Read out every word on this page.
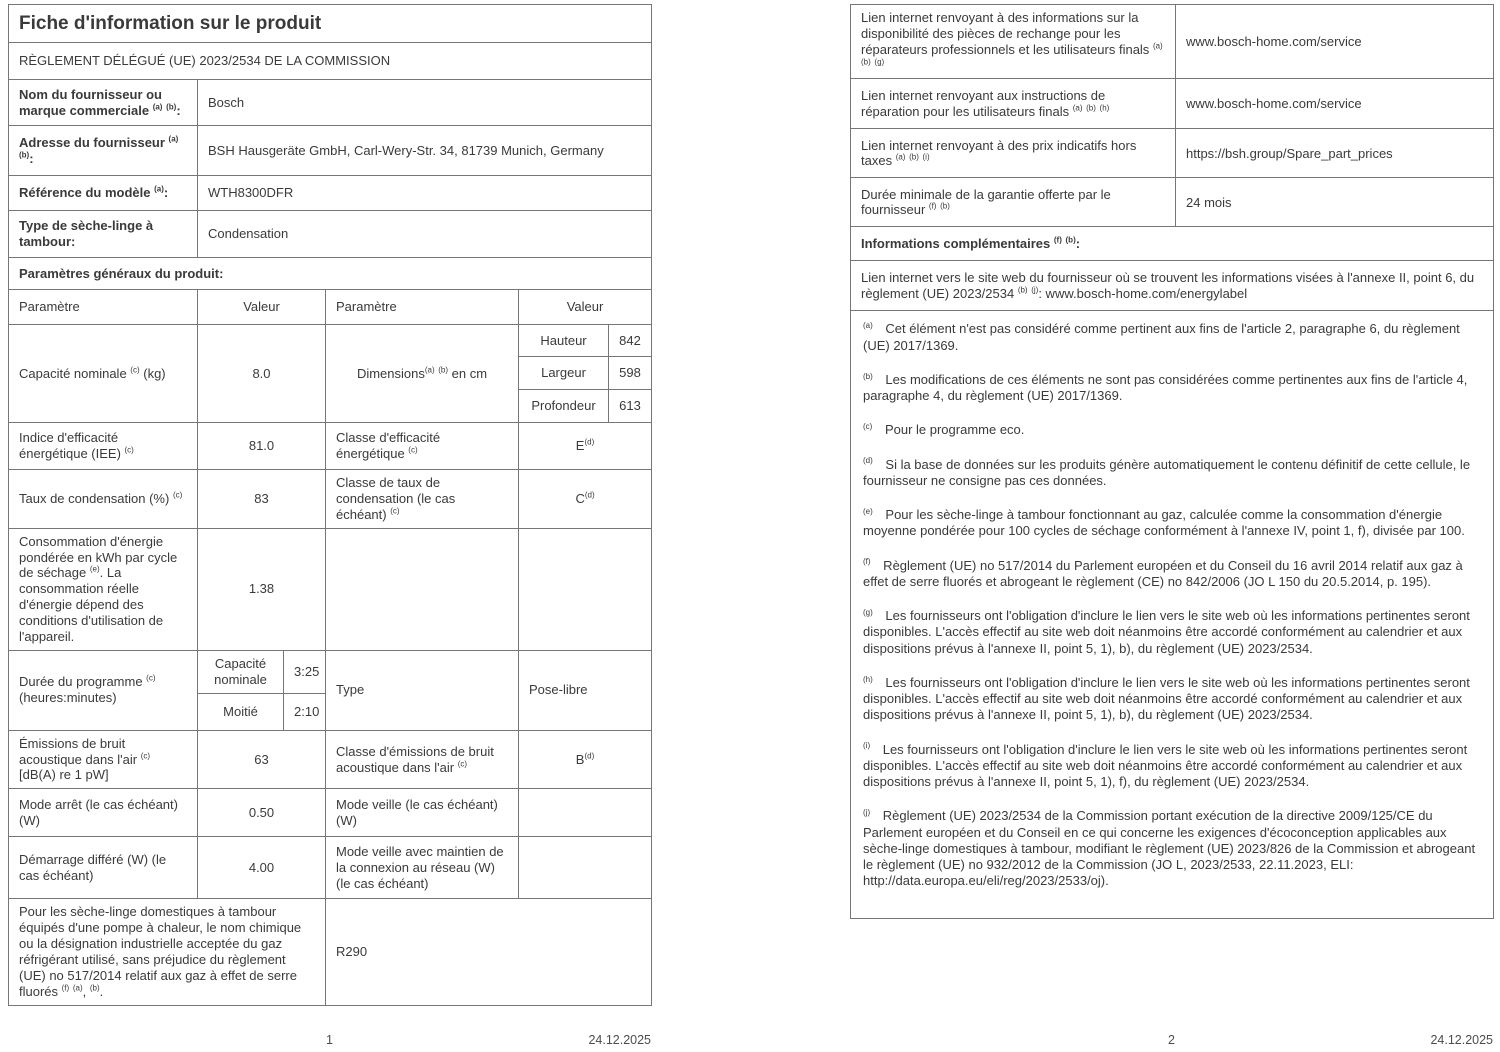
Fiche d'information sur le produit					
RÈGLEMENT DÉLÉGUÉ (UE) 2023/2534 DE LA COMMISSION					
Nom du fournisseur ou marque commerciale $^{(a)}$ $^{(b)}$:	Bosch				
Adresse du fournisseur $^{(a)}$ $^{(b)}$:	BSH Hausgeräte GmbH, Carl-Wery-Str. 34, 81739 Munich, Germany				
Référence du modèle $^{(a)}$:	WTH8300DFR				
Type de sèche-linge à tambour:	Condensation				
Paramètres généraux du produit:					
Paramètre	Valeur		Paramètre	Valeur	
Capacité nominale $^{(c)}$ (kg)	8.0		Dimensions$^{(a)}$ $^{(b)}$ en cm	Hauteur	842
				Largeur	598
				Profondeur	613
Indice d'efficacité énergétique (IEE) $^{(c)}$	81.0		Classe d'efficacité énergétique $^{(c)}$	$E^{(d)}$
Taux de condensation (%) $^{(c)}$	83		Classe de taux de condensation (le cas échéant) $^{(c)}$	$C^{(d)}$
Consommation d'énergie pondérée en kWh par cycle de séchage $^{(e)}$. La consommation réelle d'énergie dépend des conditions d'utilisation de l'appareil.	1.38				
Durée du programme $^{(c)}$ (heures:minutes)	Capacité nominale	3:25	Type	Pose-libre	
	Moitié	2:10			
Émissions de bruit acoustique dans l'air $^{(c)}$ [dB(A) re 1 pW]	63		Classe d'émissions de bruit acoustique dans l'air $^{(c)}$	$B^{(d)}$
Mode arrêt (le cas échéant) (W)	0.50		Mode veille (le cas échéant) (W)		
Démarrage différé (W) (le cas échéant)	4.00		Mode veille avec maintien de la connexion au réseau (W) (le cas échéant)		
Pour les sèche-linge domestiques à tambour équipés d'une pompe à chaleur, le nom chimique ou la désignation industrielle acceptée du gaz réfrigérant utilisé, sans préjudice du règlement (UE) no 517/2014 relatif aux gaz à effet de serre fluorés $^{(f)}$ $^{(a)}$, $^{(b)}$.			R290		
Lien internet renvoyant à des informations sur la disponibilité des pièces de rechange pour les réparateurs professionnels et les utilisateurs finals $^{(a)}$ $^{(b)}$ $^{(g)}$	www.bosch-home.com/service
Lien internet renvoyant aux instructions de réparation pour les utilisateurs finals $^{(a)}$ $^{(b)}$ $^{(h)}$	www.bosch-home.com/service
Lien internet renvoyant à des prix indicatifs hors taxes $^{(a)}$ $^{(b)}$ $^{(i)}$	https://bsh.group/Spare_part_prices
Durée minimale de la garantie offerte par le fournisseur $^{(f)}$ $^{(b)}$	24 mois
Informations complémentaires $^{(f)}$ $^{(b)}$:	
Lien internet vers le site web du fournisseur où se trouvent les informations visées à l'annexe II, point 6, du règlement (UE) 2023/2534 $^{(b)}$ $^{(j)}$: www.bosch-home.com/energylabel	

$^{(a)}$ Cet élément n'est pas considéré comme pertinent aux fins de l'article 2, paragraphe 6, du règlement (UE) 2017/1369.

$^{(b)}$ Les modifications de ces éléments ne sont pas considérées comme pertinentes aux fins de l'article 4, paragraphe 4, du règlement (UE) 2017/1369.

$^{(c)}$ Pour le programme eco.

$^{(d)}$ Si la base de données sur les produits génère automatiquement le contenu définitif de cette cellule, le fournisseur ne consigne pas ces données.

$^{(e)}$ Pour les sèche-linge à tambour fonctionnant au gaz, calculée comme la consommation d'énergie moyenne pondérée pour 100 cycles de séchage conformément à l'annexe IV, point 1, f), divisée par 100.

$^{(f)}$ Règlement (UE) no 517/2014 du Parlement européen et du Conseil du 16 avril 2014 relatif aux gaz à effet de serre fluorés et abrogeant le règlement (CE) no 842/2006 (JO L 150 du 20.5.2014, p. 195).

$^{(g)}$ Les fournisseurs ont l'obligation d'inclure le lien vers le site web où les informations pertinentes seront disponibles. L'accès effectif au site web doit néanmoins être accordé conformément au calendrier et aux dispositions prévus à l'annexe II, point 5, 1), b), du règlement (UE) 2023/2534.

$^{(h)}$ Les fournisseurs ont l'obligation d'inclure le lien vers le site web où les informations pertinentes seront disponibles. L'accès effectif au site web doit néanmoins être accordé conformément au calendrier et aux dispositions prévus à l'annexe II, point 5, 1), b), du règlement (UE) 2023/2534.

$^{(i)}$ Les fournisseurs ont l'obligation d'inclure le lien vers le site web où les informations pertinentes seront disponibles. L'accès effectif au site web doit néanmoins être accordé conformément au calendrier et aux dispositions prévus à l'annexe II, point 5, 1), f), du règlement (UE) 2023/2534.

$^{(j)}$ Règlement (UE) 2023/2534 de la Commission portant exécution de la directive 2009/125/CE du Parlement européen et du Conseil en ce qui concerne les exigences d'écoconception applicables aux sèche-linge domestiques à tambour, modifiant le règlement (UE) 2023/826 de la Commission et abrogeant le règlement (UE) no 932/2012 de la Commission (JO L, 2023/2533, 22.11.2023, ELI: http://data.europa.eu/eli/reg/2023/2533/oj).

1	24.12.2025	2	24.12.2025
